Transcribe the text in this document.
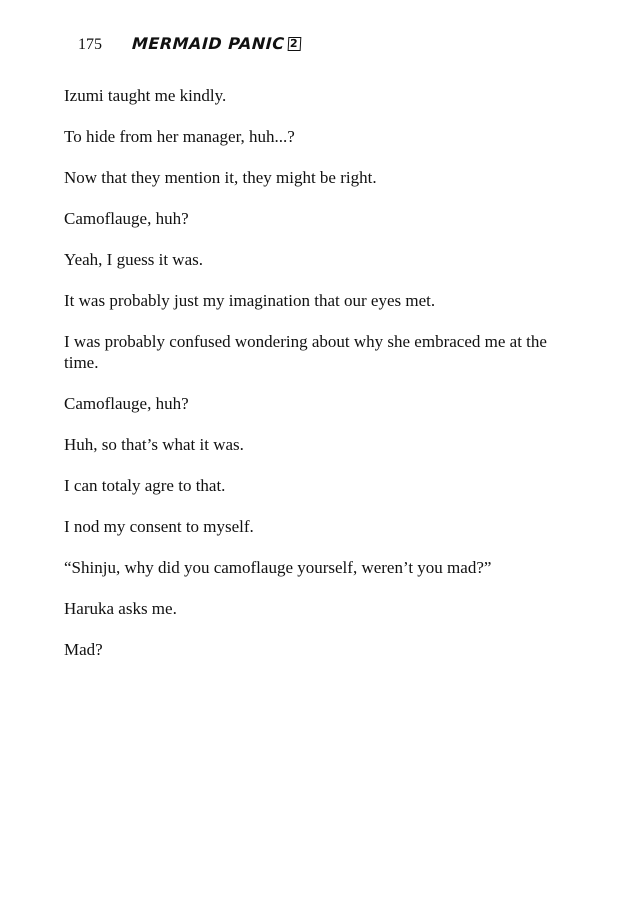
175	MERMAID PANIC 2

Izumi taught me kindly.

To hide from her manager, huh...?

Now that they mention it, they might be right.

Camoflauge, huh?

Yeah, I guess it was.

It was probably just my imagination that our eyes met.

I was probably confused wondering about why she embraced me at the time.

Camoflauge, huh?

Huh, so that’s what it was.

I can totaly agre to that.

I nod my consent to myself.

“Shinju, why did you camoflauge yourself, weren’t you mad?”

Haruka asks me.

Mad?
